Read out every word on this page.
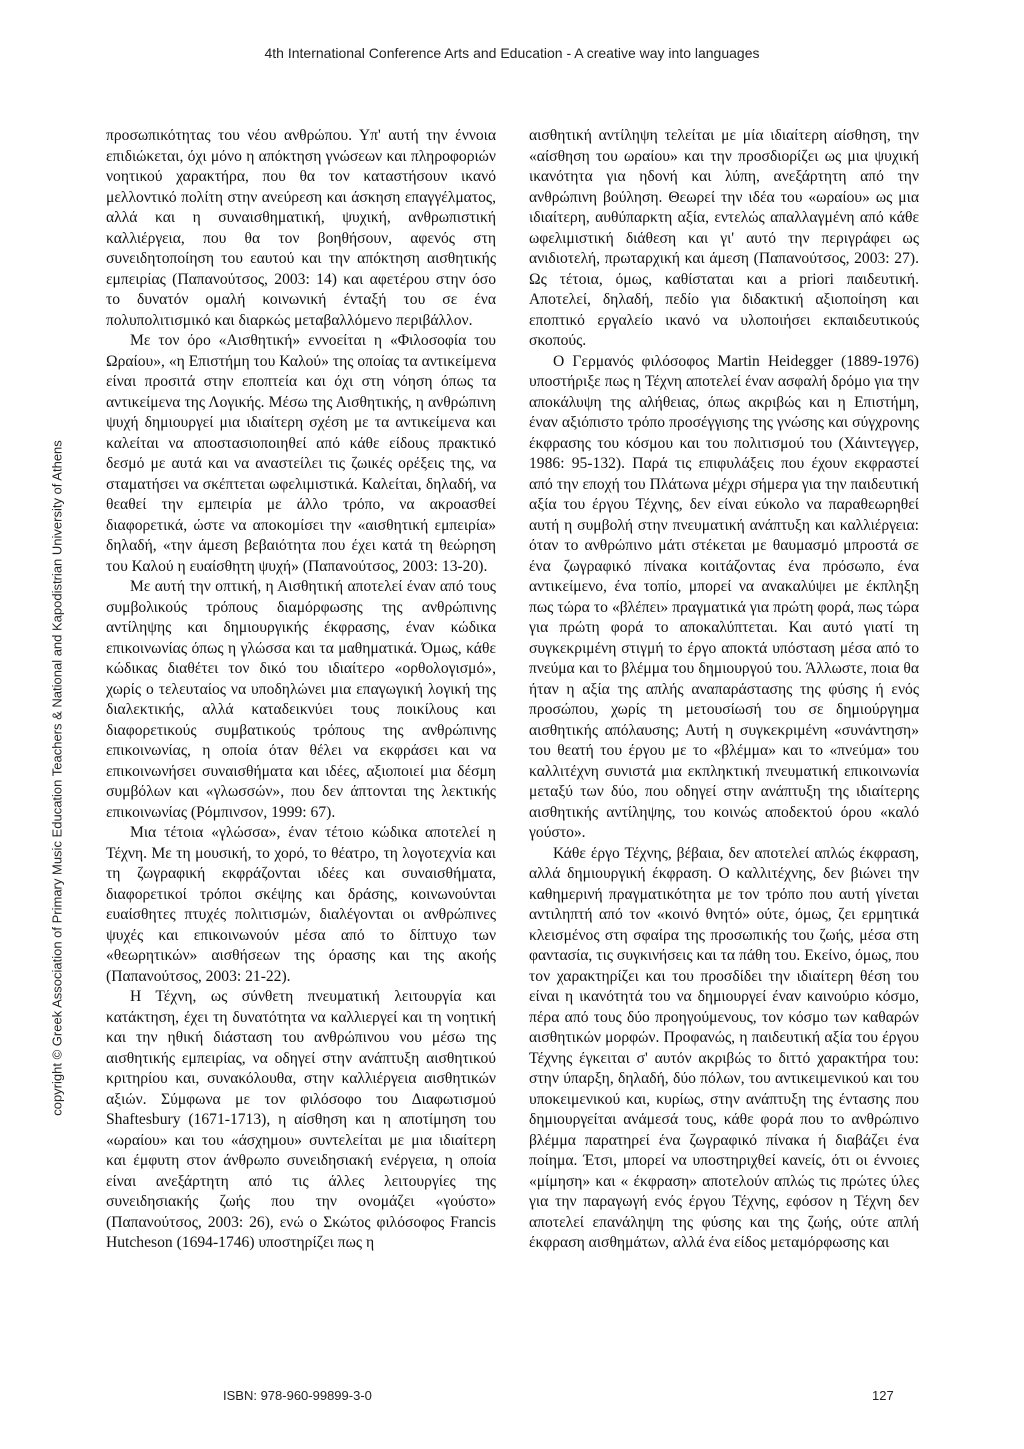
4th International Conference Arts and Education - A creative way into languages
copyright © Greek Association of Primary Music Education Teachers & National and Kapodistrian University of Athens

προσωπικότητας του νέου ανθρώπου. Υπ' αυτή την έννοια επιδιώκεται, όχι μόνο η απόκτηση γνώσεων και πληροφοριών νοητικού χαρακτήρα, που θα τον καταστήσουν ικανό μελλοντικό πολίτη στην ανεύρεση και άσκηση επαγγέλματος, αλλά και η συναισθηματική, ψυχική, ανθρωπιστική καλλιέργεια, που θα τον βοηθήσουν, αφενός στη συνειδητοποίηση του εαυτού και την απόκτηση αισθητικής εμπειρίας (Παπανούτσος, 2003: 14) και αφετέρου στην όσο το δυνατόν ομαλή κοινωνική ένταξή του σε ένα πολυπολιτισμικό και διαρκώς μεταβαλλόμενο περιβάλλον.

Με τον όρο «Αισθητική» εννοείται η «Φιλοσοφία του Ωραίου», «η Επιστήμη του Καλού» της οποίας τα αντικείμενα είναι προσιτά στην εποπτεία και όχι στη νόηση όπως τα αντικείμενα της Λογικής. Μέσω της Αισθητικής, η ανθρώπινη ψυχή δημιουργεί μια ιδιαίτερη σχέση με τα αντικείμενα και καλείται να αποστασιοποιηθεί από κάθε είδους πρακτικό δεσμό με αυτά και να αναστείλει τις ζωικές ορέξεις της, να σταματήσει να σκέπτεται ωφελιμιστικά. Καλείται, δηλαδή, να θεαθεί την εμπειρία με άλλο τρόπο, να ακροασθεί διαφορετικά, ώστε να αποκομίσει την «αισθητική εμπειρία» δηλαδή, «την άμεση βεβαιότητα που έχει κατά τη θεώρηση του Καλού η ευαίσθητη ψυχή» (Παπανούτσος, 2003: 13-20).

Με αυτή την οπτική, η Αισθητική αποτελεί έναν από τους συμβολικούς τρόπους διαμόρφωσης της ανθρώπινης αντίληψης και δημιουργικής έκφρασης, έναν κώδικα επικοινωνίας όπως η γλώσσα και τα μαθηματικά. Όμως, κάθε κώδικας διαθέτει τον δικό του ιδιαίτερο «ορθολογισμό», χωρίς ο τελευταίος να υποδηλώνει μια επαγωγική λογική της διαλεκτικής, αλλά καταδεικνύει τους ποικίλους και διαφορετικούς συμβατικούς τρόπους της ανθρώπινης επικοινωνίας, η οποία όταν θέλει να εκφράσει και να επικοινωνήσει συναισθήματα και ιδέες, αξιοποιεί μια δέσμη συμβόλων και «γλωσσών», που δεν άπτονται της λεκτικής επικοινωνίας (Ρόμπινσον, 1999: 67).

Μια τέτοια «γλώσσα», έναν τέτοιο κώδικα αποτελεί η Τέχνη. Με τη μουσική, το χορό, το θέατρο, τη λογοτεχνία και τη ζωγραφική εκφράζονται ιδέες και συναισθήματα, διαφορετικοί τρόποι σκέψης και δράσης, κοινωνούνται ευαίσθητες πτυχές πολιτισμών, διαλέγονται οι ανθρώπινες ψυχές και επικοινωνούν μέσα από το δίπτυχο των «θεωρητικών» αισθήσεων της όρασης και της ακοής (Παπανούτσος, 2003: 21-22).

Η Τέχνη, ως σύνθετη πνευματική λειτουργία και κατάκτηση, έχει τη δυνατότητα να καλλιεργεί και τη νοητική και την ηθική διάσταση του ανθρώπινου νου μέσω της αισθητικής εμπειρίας, να οδηγεί στην ανάπτυξη αισθητικού κριτηρίου και, συνακόλουθα, στην καλλιέργεια αισθητικών αξιών. Σύμφωνα με τον φιλόσοφο του Διαφωτισμού Shaftesbury (1671-1713), η αίσθηση και η αποτίμηση του «ωραίου» και του «άσχημου» συντελείται με μια ιδιαίτερη και έμφυτη στον άνθρωπο συνειδησιακή ενέργεια, η οποία είναι ανεξάρτητη από τις άλλες λειτουργίες της συνειδησιακής ζωής που την ονομάζει «γούστο» (Παπανούτσος, 2003: 26), ενώ ο Σκώτος φιλόσοφος Francis Hutcheson (1694-1746) υποστηρίζει πως η

αισθητική αντίληψη τελείται με μία ιδιαίτερη αίσθηση, την «αίσθηση του ωραίου» και την προσδιορίζει ως μια ψυχική ικανότητα για ηδονή και λύπη, ανεξάρτητη από την ανθρώπινη βούληση. Θεωρεί την ιδέα του «ωραίου» ως μια ιδιαίτερη, αυθύπαρκτη αξία, εντελώς απαλλαγμένη από κάθε ωφελιμιστική διάθεση και γι' αυτό την περιγράφει ως ανιδιοτελή, πρωταρχική και άμεση (Παπανούτσος, 2003: 27). Ως τέτοια, όμως, καθίσταται και a priori παιδευτική. Αποτελεί, δηλαδή, πεδίο για διδακτική αξιοποίηση και εποπτικό εργαλείο ικανό να υλοποιήσει εκπαιδευτικούς σκοπούς.

Ο Γερμανός φιλόσοφος Martin Heidegger (1889-1976) υποστήριξε πως η Τέχνη αποτελεί έναν ασφαλή δρόμο για την αποκάλυψη της αλήθειας, όπως ακριβώς και η Επιστήμη, έναν αξιόπιστο τρόπο προσέγγισης της γνώσης και σύγχρονης έκφρασης του κόσμου και του πολιτισμού του (Χάιντεγγερ, 1986: 95-132). Παρά τις επιφυλάξεις που έχουν εκφραστεί από την εποχή του Πλάτωνα μέχρι σήμερα για την παιδευτική αξία του έργου Τέχνης, δεν είναι εύκολο να παραθεωρηθεί αυτή η συμβολή στην πνευματική ανάπτυξη και καλλιέργεια: όταν το ανθρώπινο μάτι στέκεται με θαυμασμό μπροστά σε ένα ζωγραφικό πίνακα κοιτάζοντας ένα πρόσωπο, ένα αντικείμενο, ένα τοπίο, μπορεί να ανακαλύψει με έκπληξη πως τώρα το «βλέπει» πραγματικά για πρώτη φορά, πως τώρα για πρώτη φορά το αποκαλύπτεται. Και αυτό γιατί τη συγκεκριμένη στιγμή το έργο αποκτά υπόσταση μέσα από το πνεύμα και το βλέμμα του δημιουργού του. Άλλωστε, ποια θα ήταν η αξία της απλής αναπαράστασης της φύσης ή ενός προσώπου, χωρίς τη μετουσίωσή του σε δημιούργημα αισθητικής απόλαυσης; Αυτή η συγκεκριμένη «συνάντηση» του θεατή του έργου με το «βλέμμα» και το «πνεύμα» του καλλιτέχνη συνιστά μια εκπληκτική πνευματική επικοινωνία μεταξύ των δύο, που οδηγεί στην ανάπτυξη της ιδιαίτερης αισθητικής αντίληψης, του κοινώς αποδεκτού όρου «καλό γούστο».

Κάθε έργο Τέχνης, βέβαια, δεν αποτελεί απλώς έκφραση, αλλά δημιουργική έκφραση. Ο καλλιτέχνης, δεν βιώνει την καθημερινή πραγματικότητα με τον τρόπο που αυτή γίνεται αντιληπτή από τον «κοινό θνητό» ούτε, όμως, ζει ερμητικά κλεισμένος στη σφαίρα της προσωπικής του ζωής, μέσα στη φαντασία, τις συγκινήσεις και τα πάθη του. Εκείνο, όμως, που τον χαρακτηρίζει και του προσδίδει την ιδιαίτερη θέση του είναι η ικανότητά του να δημιουργεί έναν καινούριο κόσμο, πέρα από τους δύο προηγούμενους, τον κόσμο των καθαρών αισθητικών μορφών. Προφανώς, η παιδευτική αξία του έργου Τέχνης έγκειται σ' αυτόν ακριβώς το διττό χαρακτήρα του: στην ύπαρξη, δηλαδή, δύο πόλων, του αντικειμενικού και του υποκειμενικού και, κυρίως, στην ανάπτυξη της έντασης που δημιουργείται ανάμεσά τους, κάθε φορά που το ανθρώπινο βλέμμα παρατηρεί ένα ζωγραφικό πίνακα ή διαβάζει ένα ποίημα. Έτσι, μπορεί να υποστηριχθεί κανείς, ότι οι έννοιες «μίμηση» και « έκφραση» αποτελούν απλώς τις πρώτες ύλες για την παραγωγή ενός έργου Τέχνης, εφόσον η Τέχνη δεν αποτελεί επανάληψη της φύσης και της ζωής, ούτε απλή έκφραση αισθημάτων, αλλά ένα είδος μεταμόρφωσης και

ISBN: 978-960-99899-3-0	127
